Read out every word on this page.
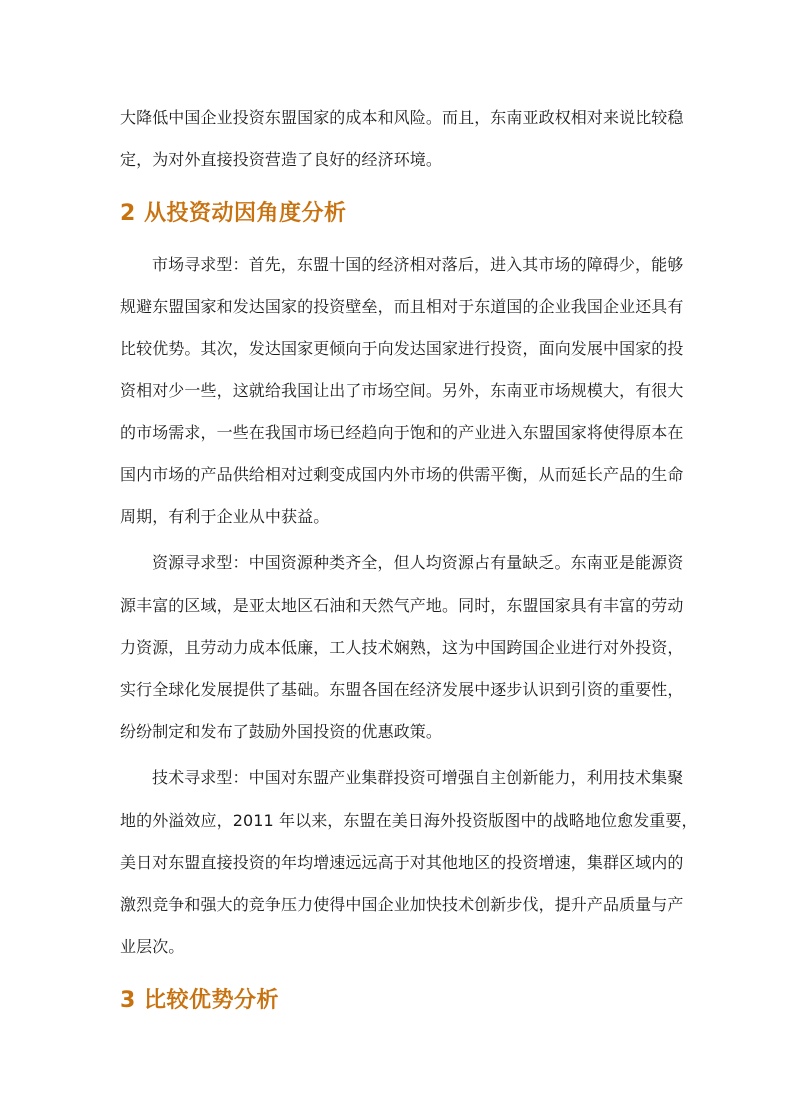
大降低中国企业投资东盟国家的成本和风险。而且，东南亚政权相对来说比较稳
定，为对外直接投资营造了良好的经济环境。
2 从投资动因角度分析
市场寻求型：首先，东盟十国的经济相对落后，进入其市场的障碍少，能够
规避东盟国家和发达国家的投资壁垒，而且相对于东道国的企业我国企业还具有
比较优势。其次，发达国家更倾向于向发达国家进行投资，面向发展中国家的投
资相对少一些，这就给我国让出了市场空间。另外，东南亚市场规模大，有很大
的市场需求，一些在我国市场已经趋向于饱和的产业进入东盟国家将使得原本在
国内市场的产品供给相对过剩变成国内外市场的供需平衡，从而延长产品的生命
周期，有利于企业从中获益。
资源寻求型：中国资源种类齐全，但人均资源占有量缺乏。东南亚是能源资
源丰富的区域，是亚太地区石油和天然气产地。同时，东盟国家具有丰富的劳动
力资源，且劳动力成本低廉，工人技术娴熟，这为中国跨国企业进行对外投资，
实行全球化发展提供了基础。东盟各国在经济发展中逐步认识到引资的重要性，
纷纷制定和发布了鼓励外国投资的优惠政策。
技术寻求型：中国对东盟产业集群投资可增强自主创新能力，利用技术集聚
地的外溢效应，2011 年以来，东盟在美日海外投资版图中的战略地位愈发重要，
美日对东盟直接投资的年均增速远远高于对其他地区的投资增速，集群区域内的
激烈竞争和强大的竞争压力使得中国企业加快技术创新步伐，提升产品质量与产
业层次。
3 比较优势分析
